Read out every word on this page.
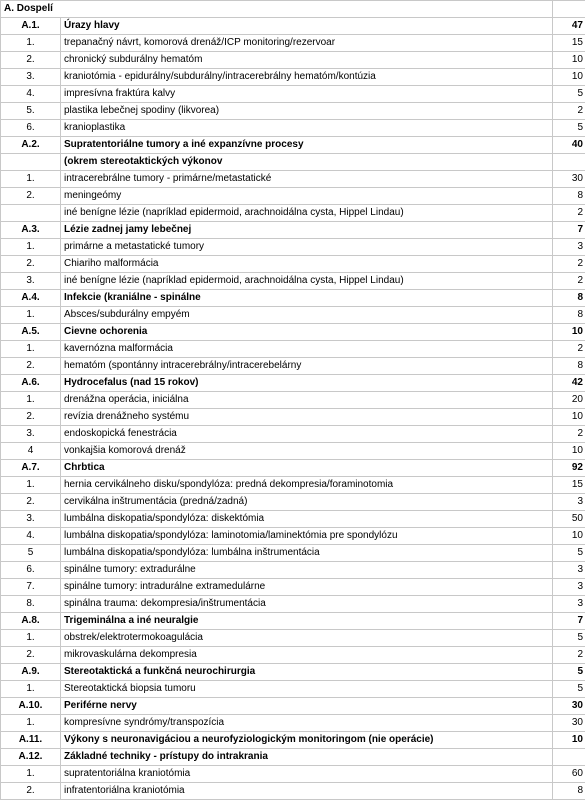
A. Dospelí		
A.1.	Úrazy hlavy	47
1.	trepanačný návrt, komorová drenáž/ICP monitoring/rezervoar	15
2.	chronický subdurálny hematóm	10
3.	kraniotómia - epidurálny/subdurálny/intracerebrálny hematóm/kontúzia	10
4.	impresívna fraktúra kalvy	5
5.	plastika lebečnej spodiny (likvorea)	2
6.	kranioplastika	5
A.2.	Supratentoriálne tumory a iné expanzívne procesy	40
	(okrem stereotaktických výkonov	
1.	intracerebrálne tumory - primárne/metastatické	30
2.	meningeómy	8
	iné benígne lézie (napríklad epidermoid, arachnoidálna cysta, Hippel Lindau)	2
A.3.	Lézie zadnej jamy lebečnej	7
1.	primárne a metastatické tumory	3
2.	Chiariho malformácia	2
3.	iné benígne lézie (napríklad epidermoid, arachnoidálna cysta, Hippel Lindau)	2
A.4.	Infekcie (kraniálne - spinálne	8
1.	Absces/subdurálny empyém	8
A.5.	Cievne ochorenia	10
1.	kavernózna malformácia	2
2.	hematóm (spontánny intracerebrálny/intracerebelárny	8
A.6.	Hydrocefalus (nad 15 rokov)	42
1.	drenážna operácia, iniciálna	20
2.	revízia drenážneho systému	10
3.	endoskopická fenestrácia	2
4	vonkajšia komorová drenáž	10
A.7.	Chrbtica	92
1.	hernia cervikálneho disku/spondylóza: predná dekompresia/foraminotomia	15
2.	cervikálna inštrumentácia (predná/zadná)	3
3.	lumbálna diskopatia/spondylóza: diskektómia	50
4.	lumbálna diskopatia/spondylóza: laminotomia/laminektómia pre spondylózu	10
5	lumbálna diskopatia/spondylóza: lumbálna inštrumentácia	5
6.	spinálne tumory: extradurálne	3
7.	spinálne tumory: intradurálne extramedulárne	3
8.	spinálna trauma: dekompresia/inštrumentácia	3
A.8.	Trigeminálna a iné neuralgie	7
1.	obstrek/elektrotermokoagulácia	5
2.	mikrovaskulárna dekompresia	2
A.9.	Stereotaktická a funkčná neurochirurgia	5
1.	Stereotaktická biopsia tumoru	5
A.10.	Periférne nervy	30
1.	kompresívne syndrómy/transpozícia	30
A.11.	Výkony s neuronavigáciou a neurofyziologickým monitoringom (nie operácie)	10
A.12.	Základné techniky - prístupy do intrakrania	
1.	supratentoriálna kraniotómia	60
2.	infratentoriálna kraniotómia	8
